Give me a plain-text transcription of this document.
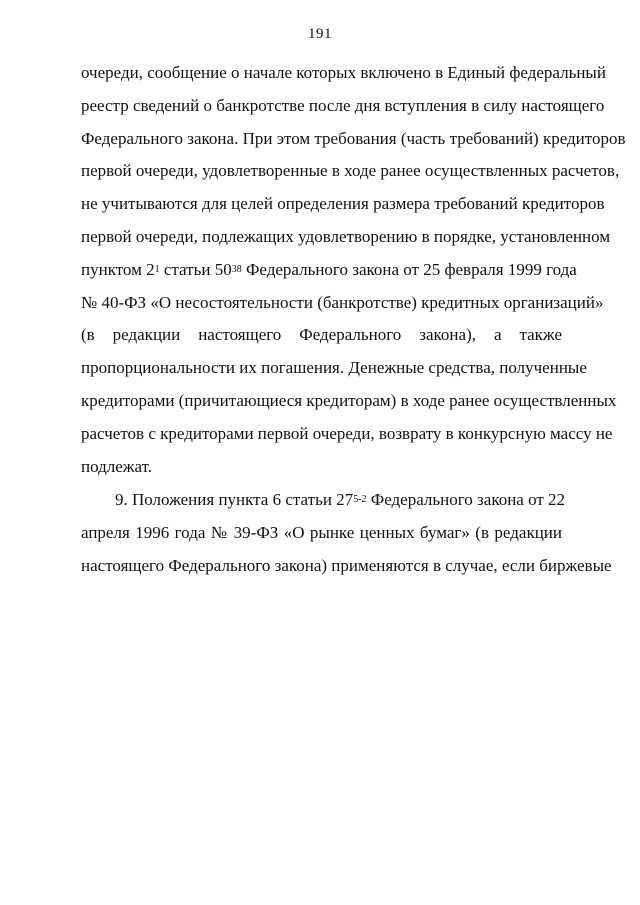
191
очереди, сообщение о начале которых включено в Единый федеральный
реестр сведений о банкротстве после дня вступления в силу настоящего
Федерального закона. При этом требования (часть требований) кредиторов
первой очереди, удовлетворенные в ходе ранее осуществленных расчетов,
не учитываются для целей определения размера требований кредиторов
первой очереди, подлежащих удовлетворению в порядке, установленном
пунктом $2^1$ статьи $50^{38}$ Федерального закона от 25 февраля 1999 года
№ 40-ФЗ «О несостоятельности (банкротстве) кредитных организаций»
(в редакции настоящего Федерального закона), а также
пропорциональности их погашения. Денежные средства, полученные
кредиторами (причитающиеся кредиторам) в ходе ранее осуществленных
расчетов с кредиторами первой очереди, возврату в конкурсную массу не
подлежат.
9. Положения пункта 6 статьи 27$^{5-2}$ Федерального закона от 22
апреля 1996 года № 39-ФЗ «О рынке ценных бумаг» (в редакции
настоящего Федерального закона) применяются в случае, если биржевые
